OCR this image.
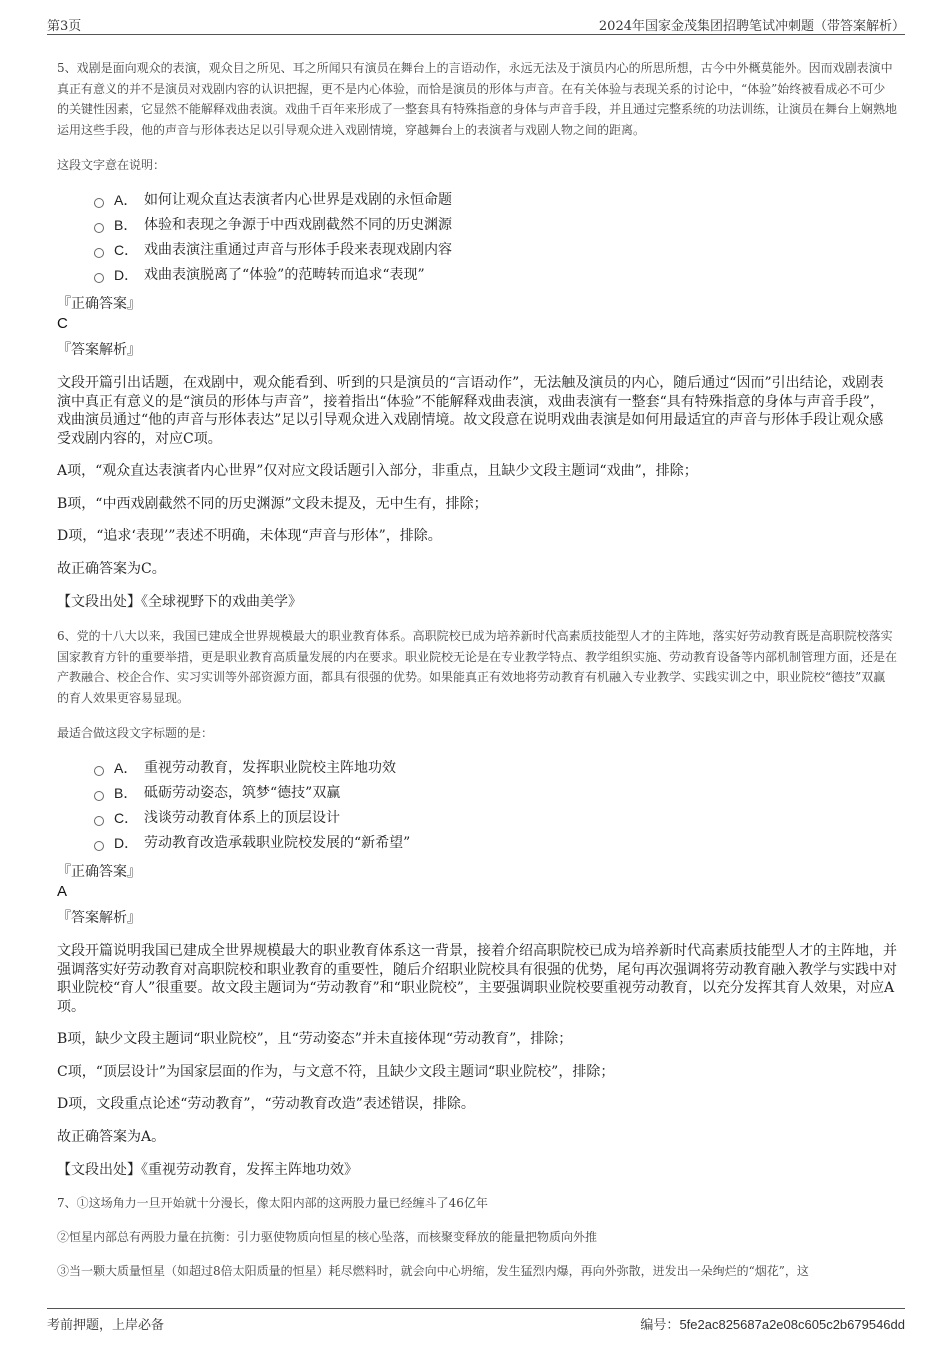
第3页	2024年国家金茂集团招聘笔试冲刺题（带答案解析）

5、戏剧是面向观众的表演，观众目之所见、耳之所闻只有演员在舞台上的言语动作，永远无法及于演员内心的所思所想，古今中外概莫能外。因而戏剧表演中真正有意义的并不是演员对戏剧内容的认识把握，更不是内心体验，而恰是演员的形体与声音。在有关体验与表现关系的讨论中，“体验”始终被看成必不可少的关键性因素，它显然不能解释戏曲表演。戏曲千百年来形成了一整套具有特殊指意的身体与声音手段，并且通过完整系统的功法训练，让演员在舞台上娴熟地运用这些手段，他的声音与形体表达足以引导观众进入戏剧情境，穿越舞台上的表演者与戏剧人物之间的距离。

这段文字意在说明：

A． 如何让观众直达表演者内心世界是戏剧的永恒命题
B． 体验和表现之争源于中西戏剧截然不同的历史渊源
C． 戏曲表演注重通过声音与形体手段来表现戏剧内容
D． 戏曲表演脱离了“体验”的范畴转而追求“表现”

『正确答案』

C

『答案解析』

文段开篇引出话题，在戏剧中，观众能看到、听到的只是演员的“言语动作”，无法触及演员的内心，随后通过“因而”引出结论，戏剧表演中真正有意义的是“演员的形体与声音”，接着指出“体验”不能解释戏曲表演，戏曲表演有一整套“具有特殊指意的身体与声音手段”，戏曲演员通过“他的声音与形体表达”足以引导观众进入戏剧情境。故文段意在说明戏曲表演是如何用最适宜的声音与形体手段让观众感受戏剧内容的，对应C项。

A项，“观众直达表演者内心世界”仅对应文段话题引入部分，非重点，且缺少文段主题词“戏曲”，排除；

B项，“中西戏剧截然不同的历史渊源”文段未提及，无中生有，排除；

D项，“追求‘表现’”表述不明确，未体现“声音与形体”，排除。

故正确答案为C。

【文段出处】《全球视野下的戏曲美学》

6、党的十八大以来，我国已建成全世界规模最大的职业教育体系。高职院校已成为培养新时代高素质技能型人才的主阵地，落实好劳动教育既是高职院校落实国家教育方针的重要举措，更是职业教育高质量发展的内在要求。职业院校无论是在专业教学特点、教学组织实施、劳动教育设备等内部机制管理方面，还是在产教融合、校企合作、实习实训等外部资源方面，都具有很强的优势。如果能真正有效地将劳动教育有机融入专业教学、实践实训之中，职业院校“德技”双赢的育人效果更容易显现。

最适合做这段文字标题的是：

A． 重视劳动教育，发挥职业院校主阵地功效
B． 砥砺劳动姿态，筑梦“德技”双赢
C． 浅谈劳动教育体系上的顶层设计
D． 劳动教育改造承载职业院校发展的“新希望”

『正确答案』

A

『答案解析』

文段开篇说明我国已建成全世界规模最大的职业教育体系这一背景，接着介绍高职院校已成为培养新时代高素质技能型人才的主阵地，并强调落实好劳动教育对高职院校和职业教育的重要性，随后介绍职业院校具有很强的优势，尾句再次强调将劳动教育融入教学与实践中对职业院校“育人”很重要。故文段主题词为“劳动教育”和“职业院校”，主要强调职业院校要重视劳动教育，以充分发挥其育人效果，对应A项。

B项，缺少文段主题词“职业院校”，且“劳动姿态”并未直接体现“劳动教育”，排除；

C项，“顶层设计”为国家层面的作为，与文意不符，且缺少文段主题词“职业院校”，排除；

D项，文段重点论述“劳动教育”，“劳动教育改造”表述错误，排除。

故正确答案为A。

【文段出处】《重视劳动教育，发挥主阵地功效》

7、①这场角力一旦开始就十分漫长，像太阳内部的这两股力量已经缠斗了46亿年

②恒星内部总有两股力量在抗衡：引力驱使物质向恒星的核心坠落，而核聚变释放的能量把物质向外推

③当一颗大质量恒星（如超过8倍太阳质量的恒星）耗尽燃料时，就会向中心坍缩，发生猛烈内爆，再向外弥散，迸发出一朵绚烂的“烟花”，这

考前押题，上岸必备	编号：5fe2ac825687a2e08c605c2b679546dd
